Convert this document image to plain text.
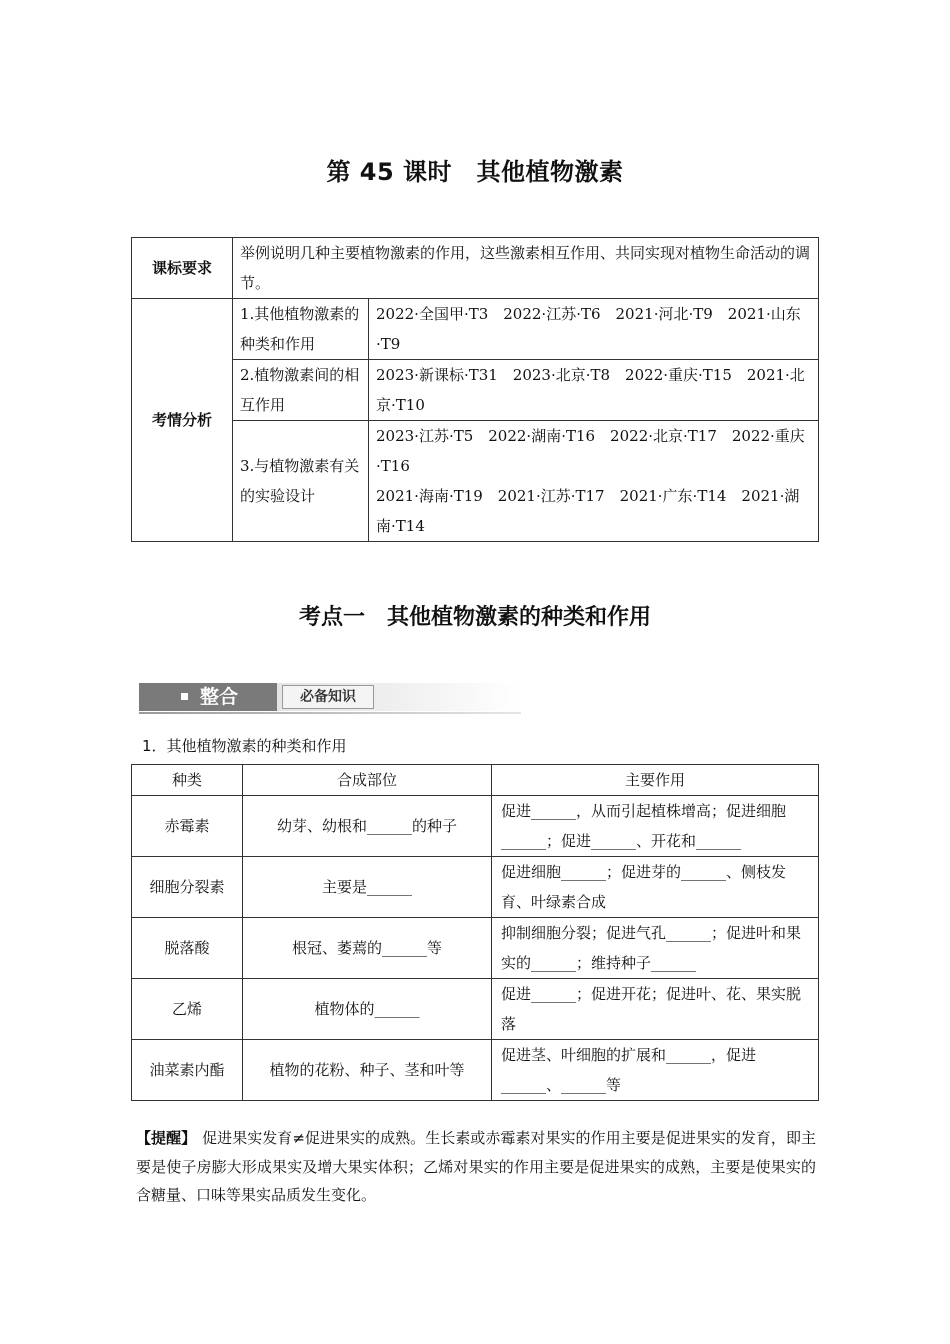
第 45 课时　其他植物激素
课标要求	举例说明几种主要植物激素的作用，这些激素相互作用、共同实现对植物生命活动的调节。	
考情分析	1.其他植物激素的种类和作用	2022·全国甲·T3　2022·江苏·T6　2021·河北·T9　2021·山东·T9

	2.植物激素间的相互作用	2023·新课标·T31　2023·北京·T8　2022·重庆·T15　2021·北京·T10

	3.与植物激素有关的实验设计	2023·江苏·T5　2022·湖南·T16　2022·北京·T17　2022·重庆·T16
2021·海南·T19　2021·江苏·T17　2021·广东·T14　2021·湖南·T14
考点一　其他植物激素的种类和作用
整合	必备知识
1．其他植物激素的种类和作用
种类	合成部位	主要作用
赤霉素	幼芽、幼根和______的种子	促进______，从而引起植株增高；促进细胞______；促进______、开花和______
细胞分裂素	主要是______	促进细胞______；促进芽的______、侧枝发育、叶绿素合成
脱落酸	根冠、萎蔫的______等	抑制细胞分裂；促进气孔______；促进叶和果实的______；维持种子______
乙烯	植物体的______	促进______；促进开花；促进叶、花、果实脱落
油菜素内酯	植物的花粉、种子、茎和叶等	促进茎、叶细胞的扩展和______，促进______、______等
【提醒】 促进果实发育≠促进果实的成熟。生长素或赤霉素对果实的作用主要是促进果实的发育，即主要是使子房膨大形成果实及增大果实体积；乙烯对果实的作用主要是促进果实的成熟，主要是使果实的含糖量、口味等果实品质发生变化。
